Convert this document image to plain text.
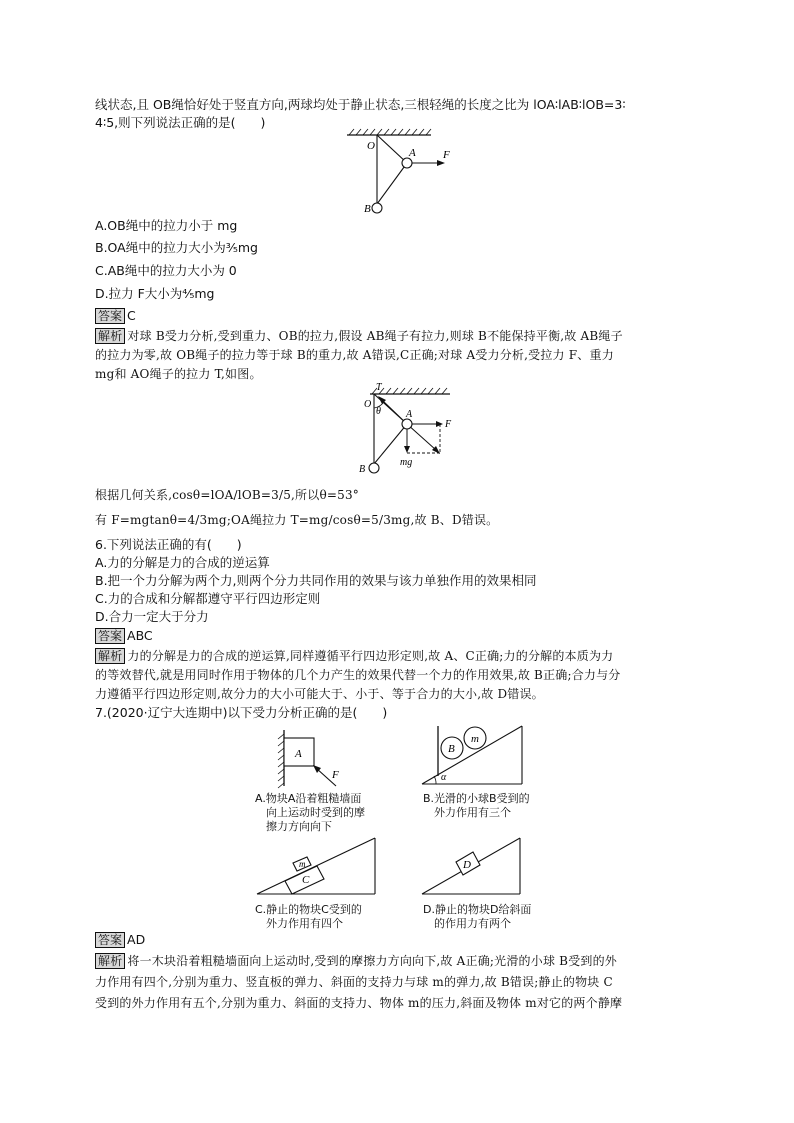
线状态,且 OB绳恰好处于竖直方向,两球均处于静止状态,三根轻绳的长度之比为 lOA∶lAB∶lOB=3∶
4∶5,则下列说法正确的是(　　)
O
A
B
F
A.OB绳中的拉力小于 mg
B.OA绳中的拉力大小为³⁄₅mg
C.AB绳中的拉力大小为 0
D.拉力 F大小为⁴⁄₅mg
答案 C
解析 对球 B受力分析,受到重力、OB的拉力,假设 AB绳子有拉力,则球 B不能保持平衡,故 AB绳子
的拉力为零,故 OB绳子的拉力等于球 B的重力,故 A错误,C正确;对球 A受力分析,受拉力 F、重力
mg和 AO绳子的拉力 T,如图。
T
O
θ	A
B
F
mg
根据几何关系,cosθ=lOA/lOB=3/5,所以θ=53°
有 F=mgtanθ=4/3mg;OA绳拉力 T=mg/cosθ=5/3mg,故 B、D错误。
6.下列说法正确的有(　　)
A.力的分解是力的合成的逆运算
B.把一个力分解为两个力,则两个分力共同作用的效果与该力单独作用的效果相同
C.力的合成和分解都遵守平行四边形定则
D.合力一定大于分力
答案 ABC
解析 力的分解是力的合成的逆运算,同样遵循平行四边形定则,故 A、C正确;力的分解的本质为力
的等效替代,就是用同时作用于物体的几个力产生的效果代替一个力的作用效果,故 B正确;合力与分
力遵循平行四边形定则,故分力的大小可能大于、小于、等于合力的大小,故 D错误。
7.(2020·辽宁大连期中)以下受力分析正确的是(　　)
A
F
A.物块A沿着粗糙墙面
向上运动时受到的摩
擦力方向向下
B
m
α
B.光滑的小球B受到的
外力作用有三个
m
C
C.静止的物块C受到的
外力作用有四个
D
D.静止的物块D给斜面
的作用力有两个
答案 AD
解析 将一木块沿着粗糙墙面向上运动时,受到的摩擦力方向向下,故 A正确;光滑的小球 B受到的外
力作用有四个,分别为重力、竖直板的弹力、斜面的支持力与球 m的弹力,故 B错误;静止的物块 C
受到的外力作用有五个,分别为重力、斜面的支持力、物体 m的压力,斜面及物体 m对它的两个静摩
